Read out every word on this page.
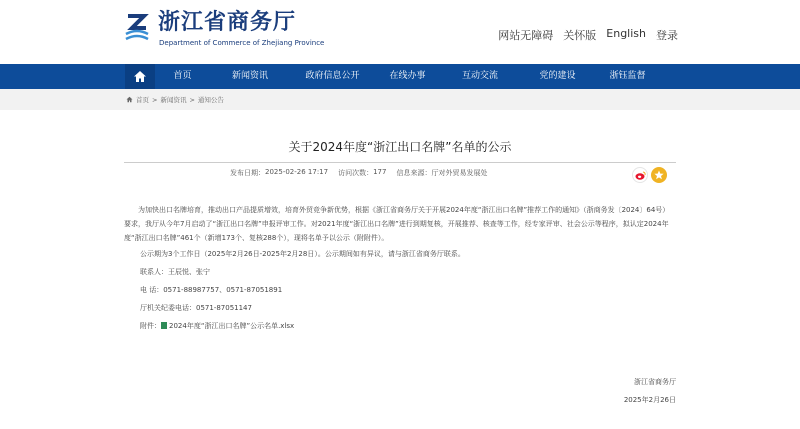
浙江省商务厅
Department of Commerce of Zhejiang Province
网站无障碍 关怀版 English 登录
首页	新闻资讯	政府信息公开	在线办事	互动交流	党的建设	浙钰监督
首页 > 新闻资讯 > 通知公告
关于2024年度“浙江出口名牌”名单的公示
发布日期： 2025-02-26 17:17 访问次数： 177 信息来源： 厅对外贸易发展处

为加快出口名牌培育，推动出口产品提质增效，培育外贸竞争新优势，根据《浙江省商务厅关于开展2024年度“浙江出口名牌”推荐工作的通知》（浙商务发〔2024〕64号）要求，我厅从今年7月启动了“浙江出口名牌”申报评审工作。对2021年度“浙江出口名牌”进行到期复核，开展推荐、核查等工作，经专家评审、社会公示等程序，拟认定2024年度“浙江出口名牌”461个（新增173个、复核288个），现将名单予以公示（附附件）。

公示期为3个工作日（2025年2月26日-2025年2月28日）。公示期间如有异议，请与浙江省商务厅联系。
联系人：王辰悦、张宁
电 话：0571-88987757、0571-87051891
厅机关纪委电话：0571-87051147
附件： 2024年度“浙江出口名牌”公示名单.xlsx
浙江省商务厅
2025年2月26日
